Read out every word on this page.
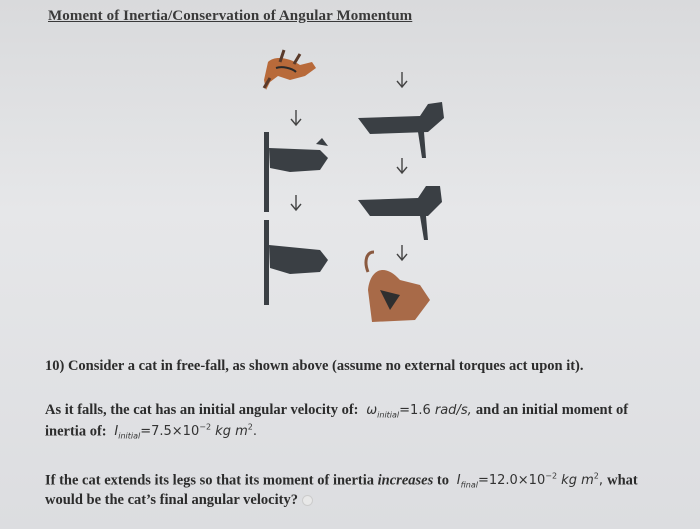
Moment of Inertia/Conservation of Angular Momentum
10) Consider a cat in free-fall, as shown above (assume no external torques act upon it).
As it falls, the cat has an initial angular velocity of: $\omega_{initial}=1.6$ rad/s, and an initial moment of
inertia of: $I_{initial}=7.5\times 10^{-2}$ kg $m^2$.
If the cat extends its legs so that its moment of inertia increases to $I_{final}=12.0\times 10^{-2}$ kg $m^2$, what
would be the cat’s final angular velocity?
